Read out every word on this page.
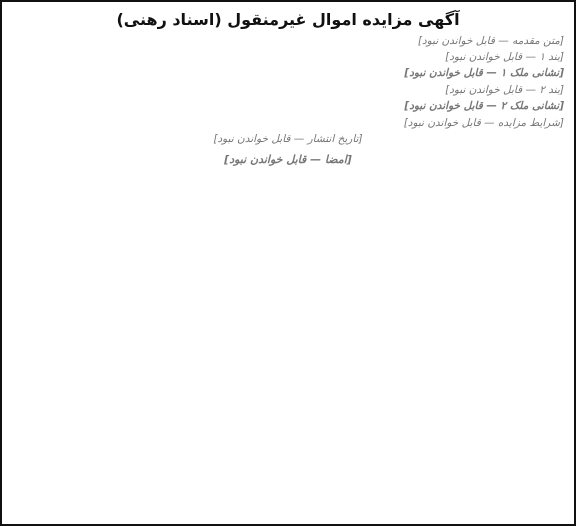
آگهی مزایده اموال غیرمنقول (اسناد رهنی)
[متن مقدمه — قابل خواندن نبود]
[بند ۱ — قابل خواندن نبود]
[نشانی ملک ۱ — قابل خواندن نبود]
[بند ۲ — قابل خواندن نبود]
[نشانی ملک ۲ — قابل خواندن نبود]
[شرایط مزایده — قابل خواندن نبود]
[تاریخ انتشار — قابل خواندن نبود]
[امضا — قابل خواندن نبود]
